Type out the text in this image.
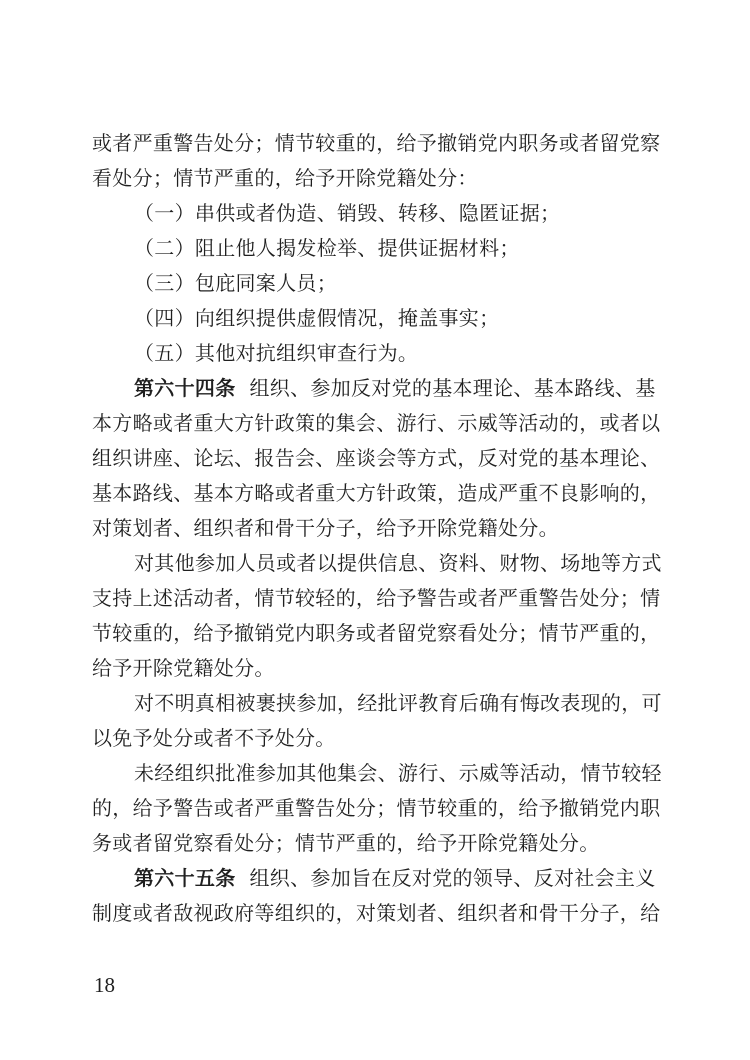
或者严重警告处分；情节较重的，给予撤销党内职务或者留党察
看处分；情节严重的，给予开除党籍处分：
（一）串供或者伪造、销毁、转移、隐匿证据；
（二）阻止他人揭发检举、提供证据材料；
（三）包庇同案人员；
（四）向组织提供虚假情况，掩盖事实；
（五）其他对抗组织审查行为。
第六十四条 组织、参加反对党的基本理论、基本路线、基
本方略或者重大方针政策的集会、游行、示威等活动的，或者以
组织讲座、论坛、报告会、座谈会等方式，反对党的基本理论、
基本路线、基本方略或者重大方针政策，造成严重不良影响的，
对策划者、组织者和骨干分子，给予开除党籍处分。
对其他参加人员或者以提供信息、资料、财物、场地等方式
支持上述活动者，情节较轻的，给予警告或者严重警告处分；情
节较重的，给予撤销党内职务或者留党察看处分；情节严重的，
给予开除党籍处分。
对不明真相被裹挟参加，经批评教育后确有悔改表现的，可
以免予处分或者不予处分。
未经组织批准参加其他集会、游行、示威等活动，情节较轻
的，给予警告或者严重警告处分；情节较重的，给予撤销党内职
务或者留党察看处分；情节严重的，给予开除党籍处分。
第六十五条 组织、参加旨在反对党的领导、反对社会主义
制度或者敌视政府等组织的，对策划者、组织者和骨干分子，给
18
